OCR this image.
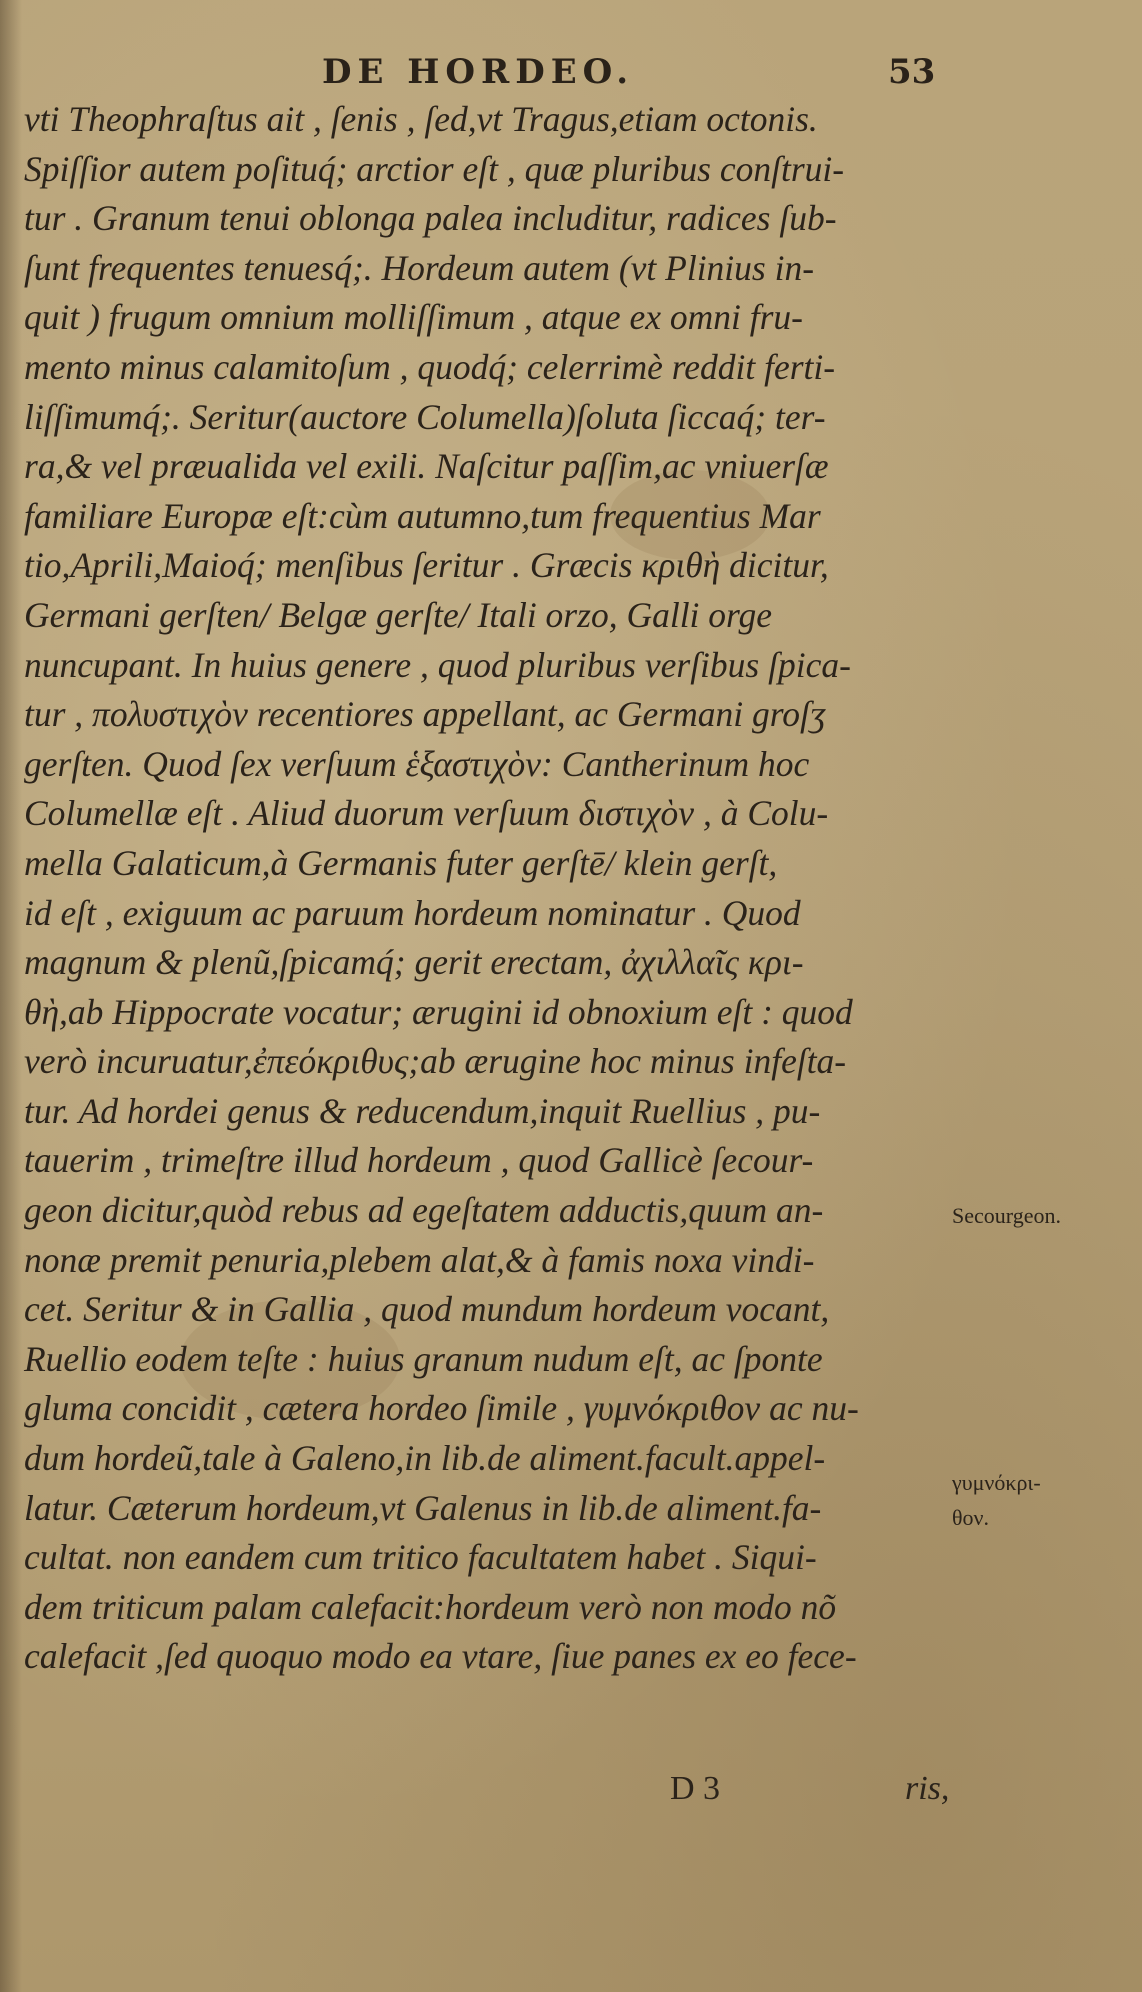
DE HORDEO.	53
vti Theophraſtus ait , ſenis , ſed,vt Tragus,etiam octonis.
Spiſſior autem poſituq́; arctior eſt , quæ pluribus conſtrui-
tur . Granum tenui oblonga palea includitur, radices ſub-
ſunt frequentes tenuesq́;. Hordeum autem (vt Plinius in-
quit ) frugum omnium molliſſimum , atque ex omni fru-
mento minus calamitoſum , quodq́; celerrimè reddit ferti-
liſſimumq́;. Seritur(auctore Columella)ſoluta ſiccaq́; ter-
ra,& vel præualida vel exili. Naſcitur paſſim,ac vniuerſæ
familiare Europæ eſt:cùm autumno,tum frequentius Mar
tio,Aprili,Maioq́; menſibus ſeritur . Græcis κριθὴ dicitur,
Germani gerſten/ Belgæ gerſte/ Itali orzo, Galli orge
nuncupant. In huius genere , quod pluribus verſibus ſpica-
tur , πολυστιχὸν recentiores appellant, ac Germani groſʒ
gerſten. Quod ſex verſuum ἑξαστιχὸν: Cantherinum hoc
Columellæ eſt . Aliud duorum verſuum διστιχὸν , à Colu-
mella Galaticum,à Germanis futer gerſtē/ klein gerſt,
id eſt , exiguum ac paruum hordeum nominatur . Quod
magnum & plenũ,ſpicamq́; gerit erectam, ἀχιλλαῖς κρι-
θὴ,ab Hippocrate vocatur; ærugini id obnoxium eſt : quod
verò incuruatur,ἐπεόκριθυς;ab ærugine hoc minus infeſta-
tur. Ad hordei genus & reducendum,inquit Ruellius , pu-
tauerim , trimeſtre illud hordeum , quod Gallicè ſecour-
geon dicitur,quòd rebus ad egeſtatem adductis,quum an-
nonæ premit penuria,plebem alat,& à famis noxa vindi-
cet. Seritur & in Gallia , quod mundum hordeum vocant,
Ruellio eodem teſte : huius granum nudum eſt, ac ſponte
gluma concidit , cætera hordeo ſimile , γυμνόκριθον ac nu-
dum hordeũ,tale à Galeno,in lib.de aliment.facult.appel-
latur. Cæterum hordeum,vt Galenus in lib.de aliment.fa-
cultat. non eandem cum tritico facultatem habet . Siqui-
dem triticum palam calefacit:hordeum verò non modo nõ
calefacit ,ſed quoquo modo ea vtare, ſiue panes ex eo fece-
Secourgeon.
γυμνόκρι-
θον.
D 3	ris,
